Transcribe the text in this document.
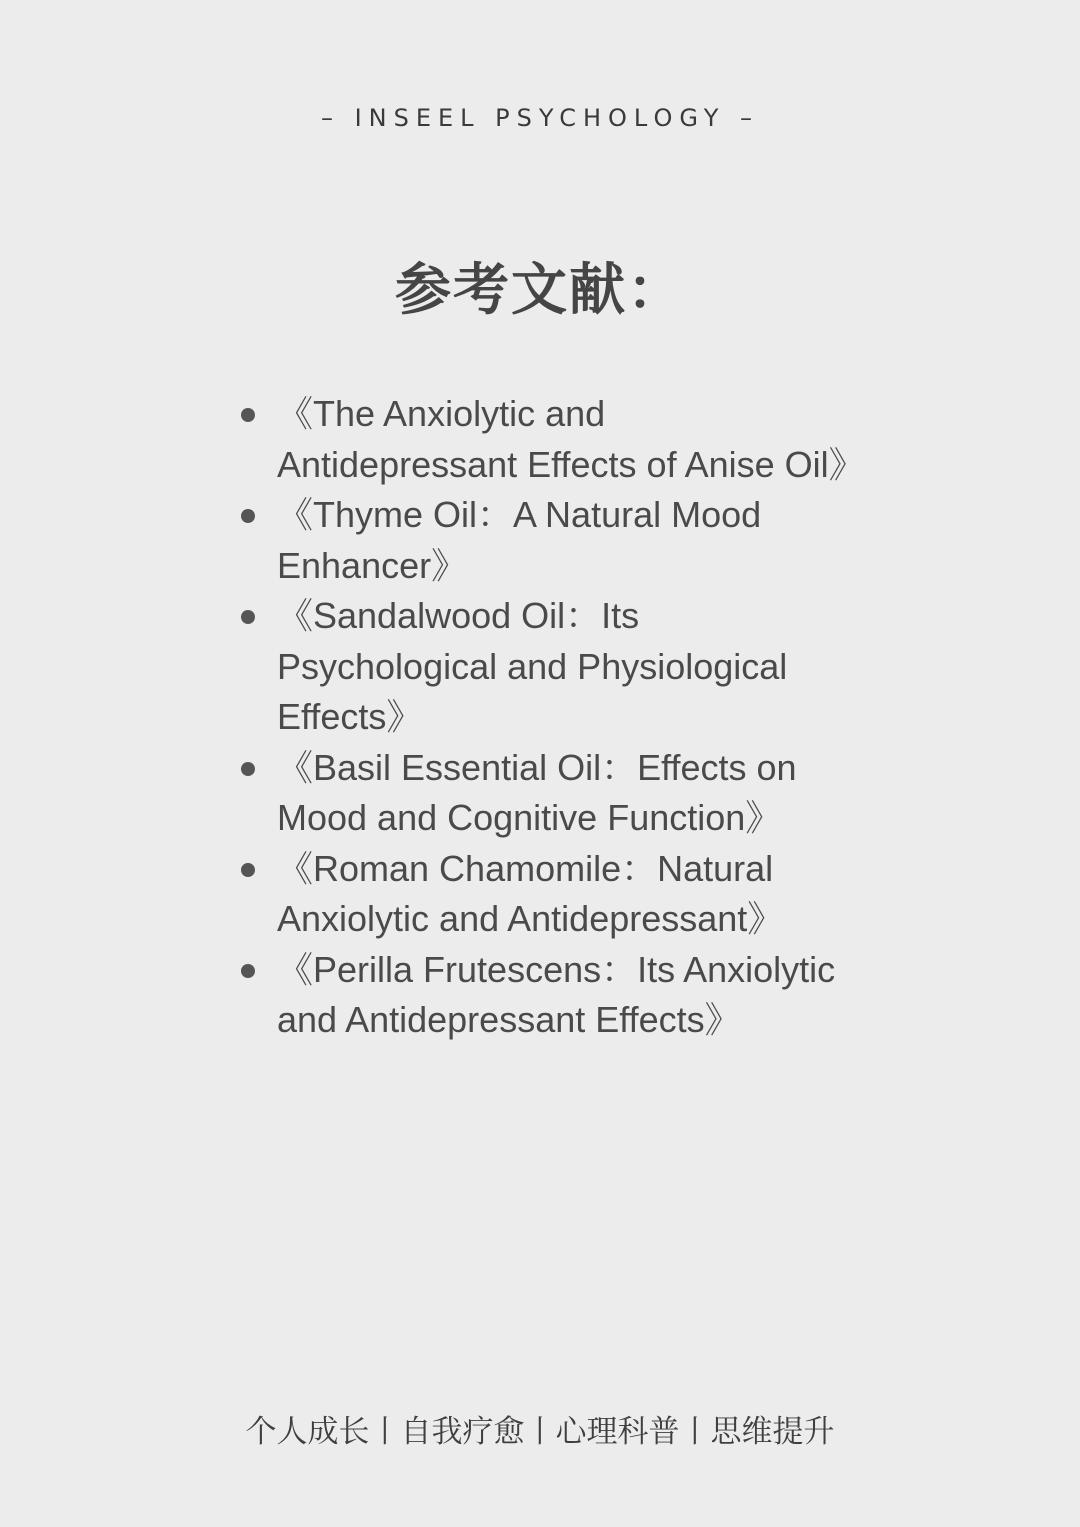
– INSEEL PSYCHOLOGY –
参考文献：
《The Anxiolytic and Antidepressant Effects of Anise Oil》
《Thyme Oil：A Natural Mood Enhancer》
《Sandalwood Oil：Its Psychological and Physiological Effects》
《Basil Essential Oil：Effects on Mood and Cognitive Function》
《Roman Chamomile：Natural Anxiolytic and Antidepressant》
《Perilla Frutescens：Its Anxiolytic and Antidepressant Effects》
个人成长丨自我疗愈丨心理科普丨思维提升
